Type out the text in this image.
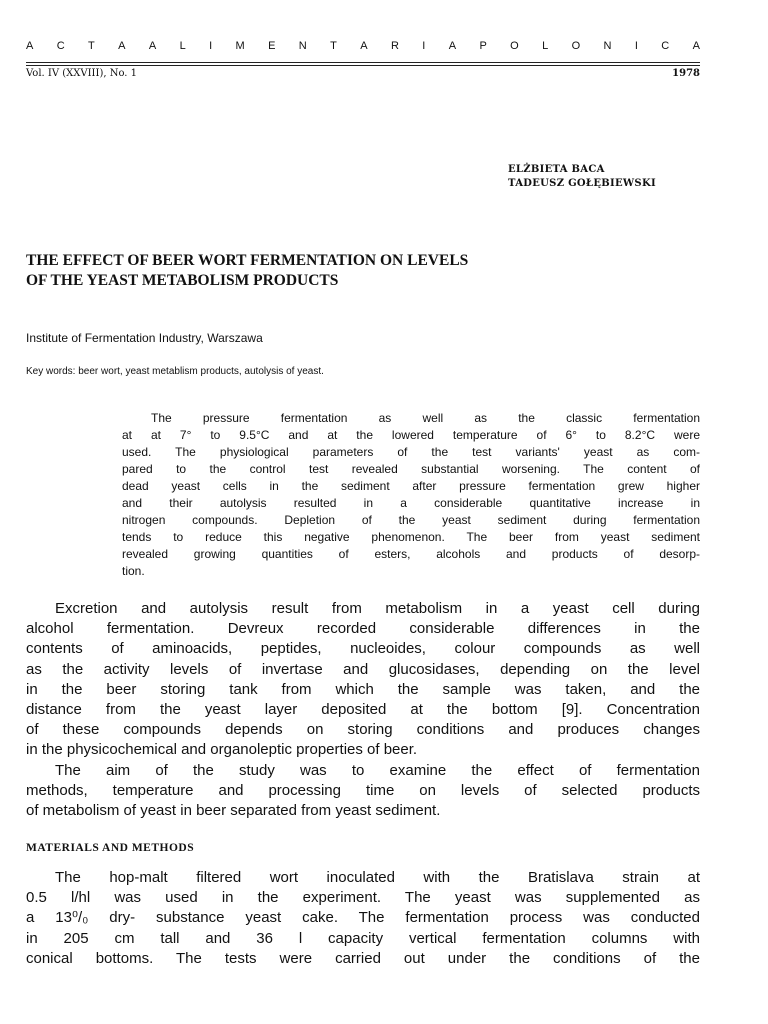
A C T A A L I M E N T A R I A P O L O N I C A
Vol. IV (XXVIII), No. 1	1978
ELŻBIETA BACA
TADEUSZ GOŁĘBIEWSKI
THE EFFECT OF BEER WORT FERMENTATION ON LEVELS
OF THE YEAST METABOLISM PRODUCTS
Institute of Fermentation Industry, Warszawa
Key words: beer wort, yeast metablism products, autolysis of yeast.
The pressure fermentation as well as the classic fermentation
at at 7° to 9.5°C and at the lowered temperature of 6° to 8.2°C were
used. The physiological parameters of the test variants' yeast as com-
pared to the control test revealed substantial worsening. The content of
dead yeast cells in the sediment after pressure fermentation grew higher
and their autolysis resulted in a considerable quantitative increase in
nitrogen compounds. Depletion of the yeast sediment during fermentation
tends to reduce this negative phenomenon. The beer from yeast sediment
revealed growing quantities of esters, alcohols and products of desorp-
tion.
Excretion and autolysis result from metabolism in a yeast cell during
alcohol fermentation. Devreux recorded considerable differences in the
contents of aminoacids, peptides, nucleoides, colour compounds as well
as the activity levels of invertase and glucosidases, depending on the level
in the beer storing tank from which the sample was taken, and the
distance from the yeast layer deposited at the bottom [9]. Concentration
of these compounds depends on storing conditions and produces changes
in the physicochemical and organoleptic properties of beer.
The aim of the study was to examine the effect of fermentation
methods, temperature and processing time on levels of selected products
of metabolism of yeast in beer separated from yeast sediment.
MATERIALS AND METHODS
The hop-malt filtered wort inoculated with the Bratislava strain at
0.5 l/hl was used in the experiment. The yeast was supplemented as
a 13⁰/₀ dry- substance yeast cake. The fermentation process was conducted
in 205 cm tall and 36 l capacity vertical fermentation columns with
conical bottoms. The tests were carried out under the conditions of the
